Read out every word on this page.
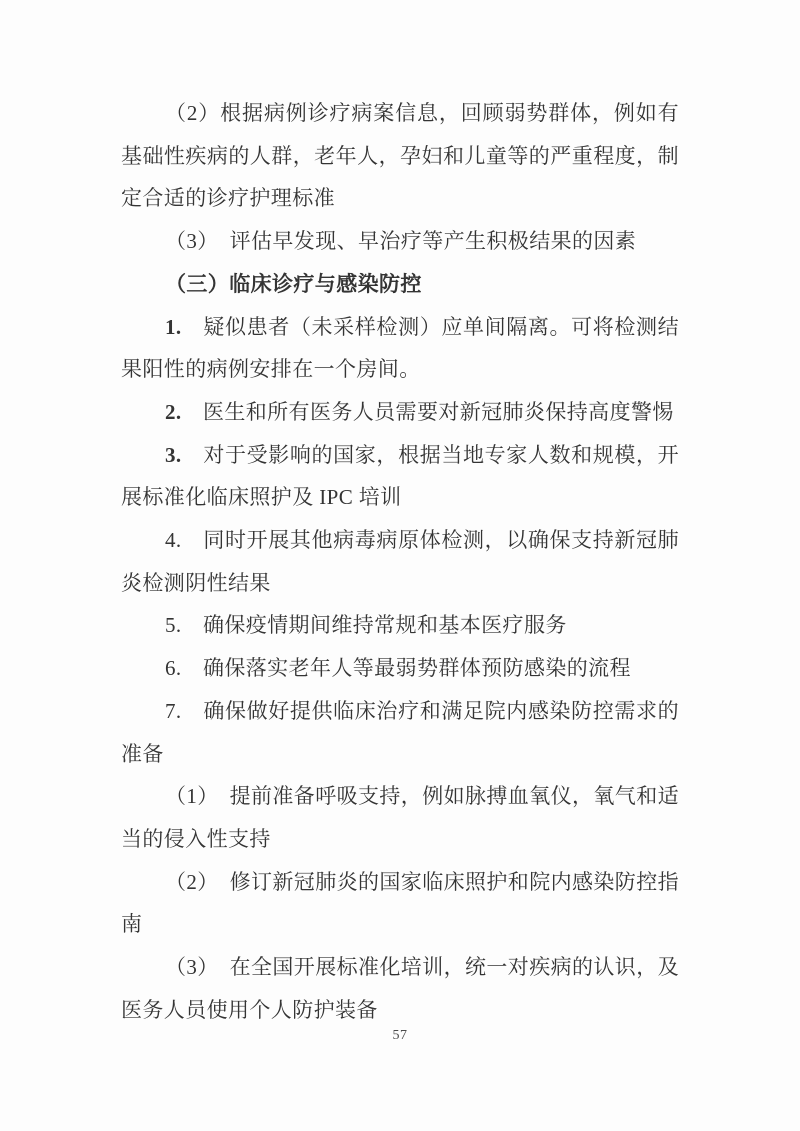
（2）根据病例诊疗病案信息，回顾弱势群体，例如有基础性疾病的人群，老年人，孕妇和儿童等的严重程度，制定合适的诊疗护理标准

（3）　评估早发现、早治疗等产生积极结果的因素

（三）临床诊疗与感染防控

1.　疑似患者（未采样检测）应单间隔离。可将检测结果阳性的病例安排在一个房间。

2.　医生和所有医务人员需要对新冠肺炎保持高度警惕

3.　对于受影响的国家，根据当地专家人数和规模，开展标准化临床照护及 IPC 培训

4.　同时开展其他病毒病原体检测，以确保支持新冠肺炎检测阴性结果

5.　确保疫情期间维持常规和基本医疗服务

6.　确保落实老年人等最弱势群体预防感染的流程

7.　确保做好提供临床治疗和满足院内感染防控需求的准备

（1）　提前准备呼吸支持，例如脉搏血氧仪，氧气和适当的侵入性支持

（2）　修订新冠肺炎的国家临床照护和院内感染防控指南

（3）　在全国开展标准化培训，统一对疾病的认识，及医务人员使用个人防护装备

57
